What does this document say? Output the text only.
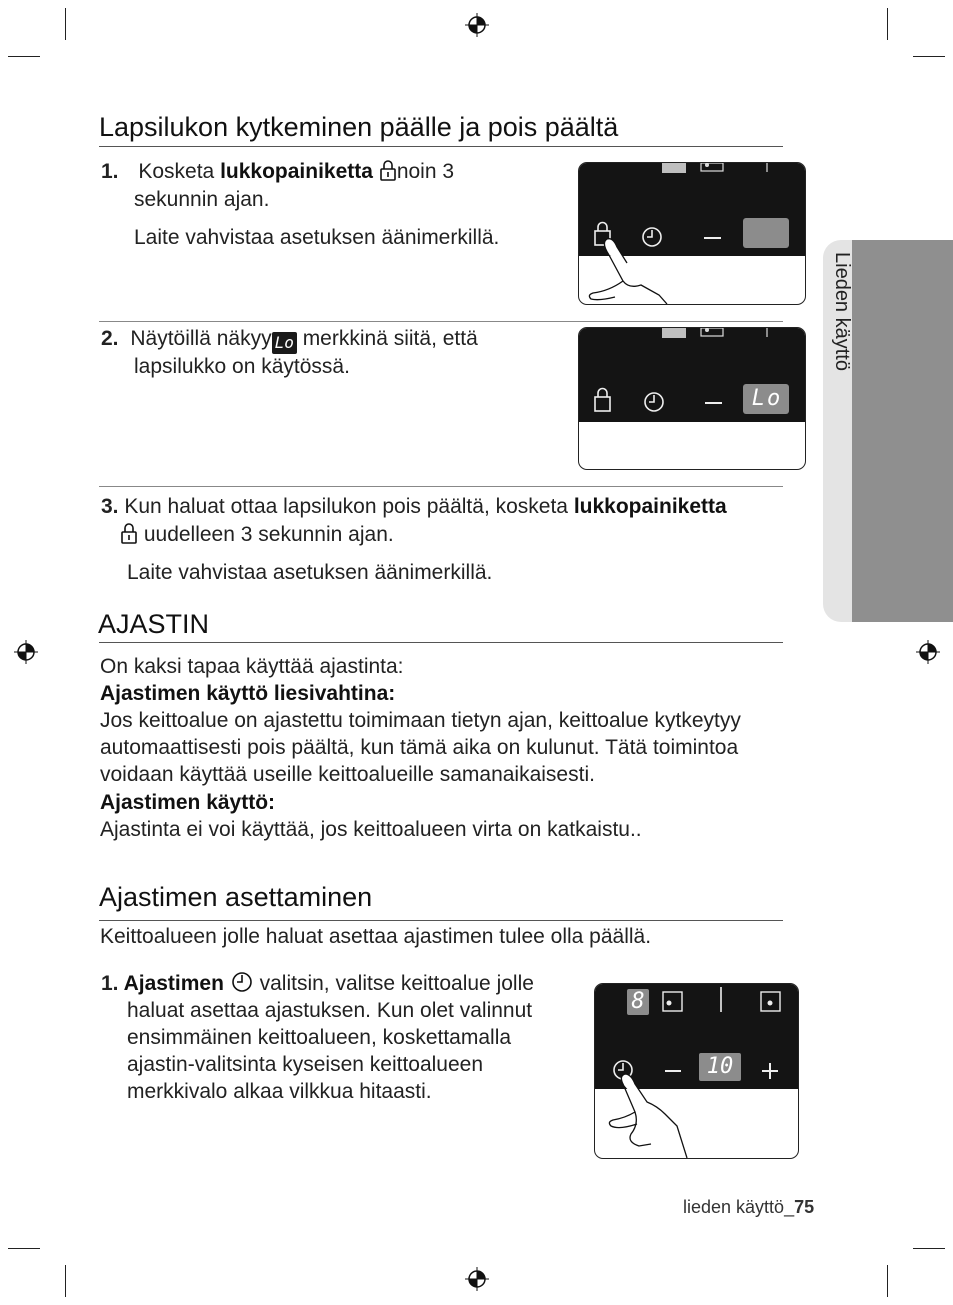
Lieden käyttö
Lapsilukon kytkeminen päälle ja pois päältä
1. Kosketa lukkopainiketta noin 3
sekunnin ajan.
Laite vahvistaa asetuksen äänimerkillä.
2. Näytöillä näkyy Lo merkkinä siitä, että
lapsilukko on käytössä.
Lo
3. Kun haluat ottaa lapsilukon pois päältä, kosketa lukkopainiketta
uudelleen 3 sekunnin ajan.
Laite vahvistaa asetuksen äänimerkillä.
AJASTIN
On kaksi tapaa käyttää ajastinta:
Ajastimen käyttö liesivahtina:
Jos keittoalue on ajastettu toimimaan tietyn ajan, keittoalue kytkeytyy
automaattisesti pois päältä, kun tämä aika on kulunut. Tätä toimintoa
voidaan käyttää useille keittoalueille samanaikaisesti.
Ajastimen käyttö:
Ajastinta ei voi käyttää, jos keittoalueen virta on katkaistu..
Ajastimen asettaminen
Keittoalueen jolle haluat asettaa ajastimen tulee olla päällä.
1. Ajastimen  valitsin, valitse keittoalue jolle
haluat asettaa ajastuksen. Kun olet valinnut
ensimmäinen keittoalueen, koskettamalla
ajastin-valitsinta kyseisen keittoalueen
merkkivalo alkaa vilkkua hitaasti.
8
10
lieden käyttö_75
